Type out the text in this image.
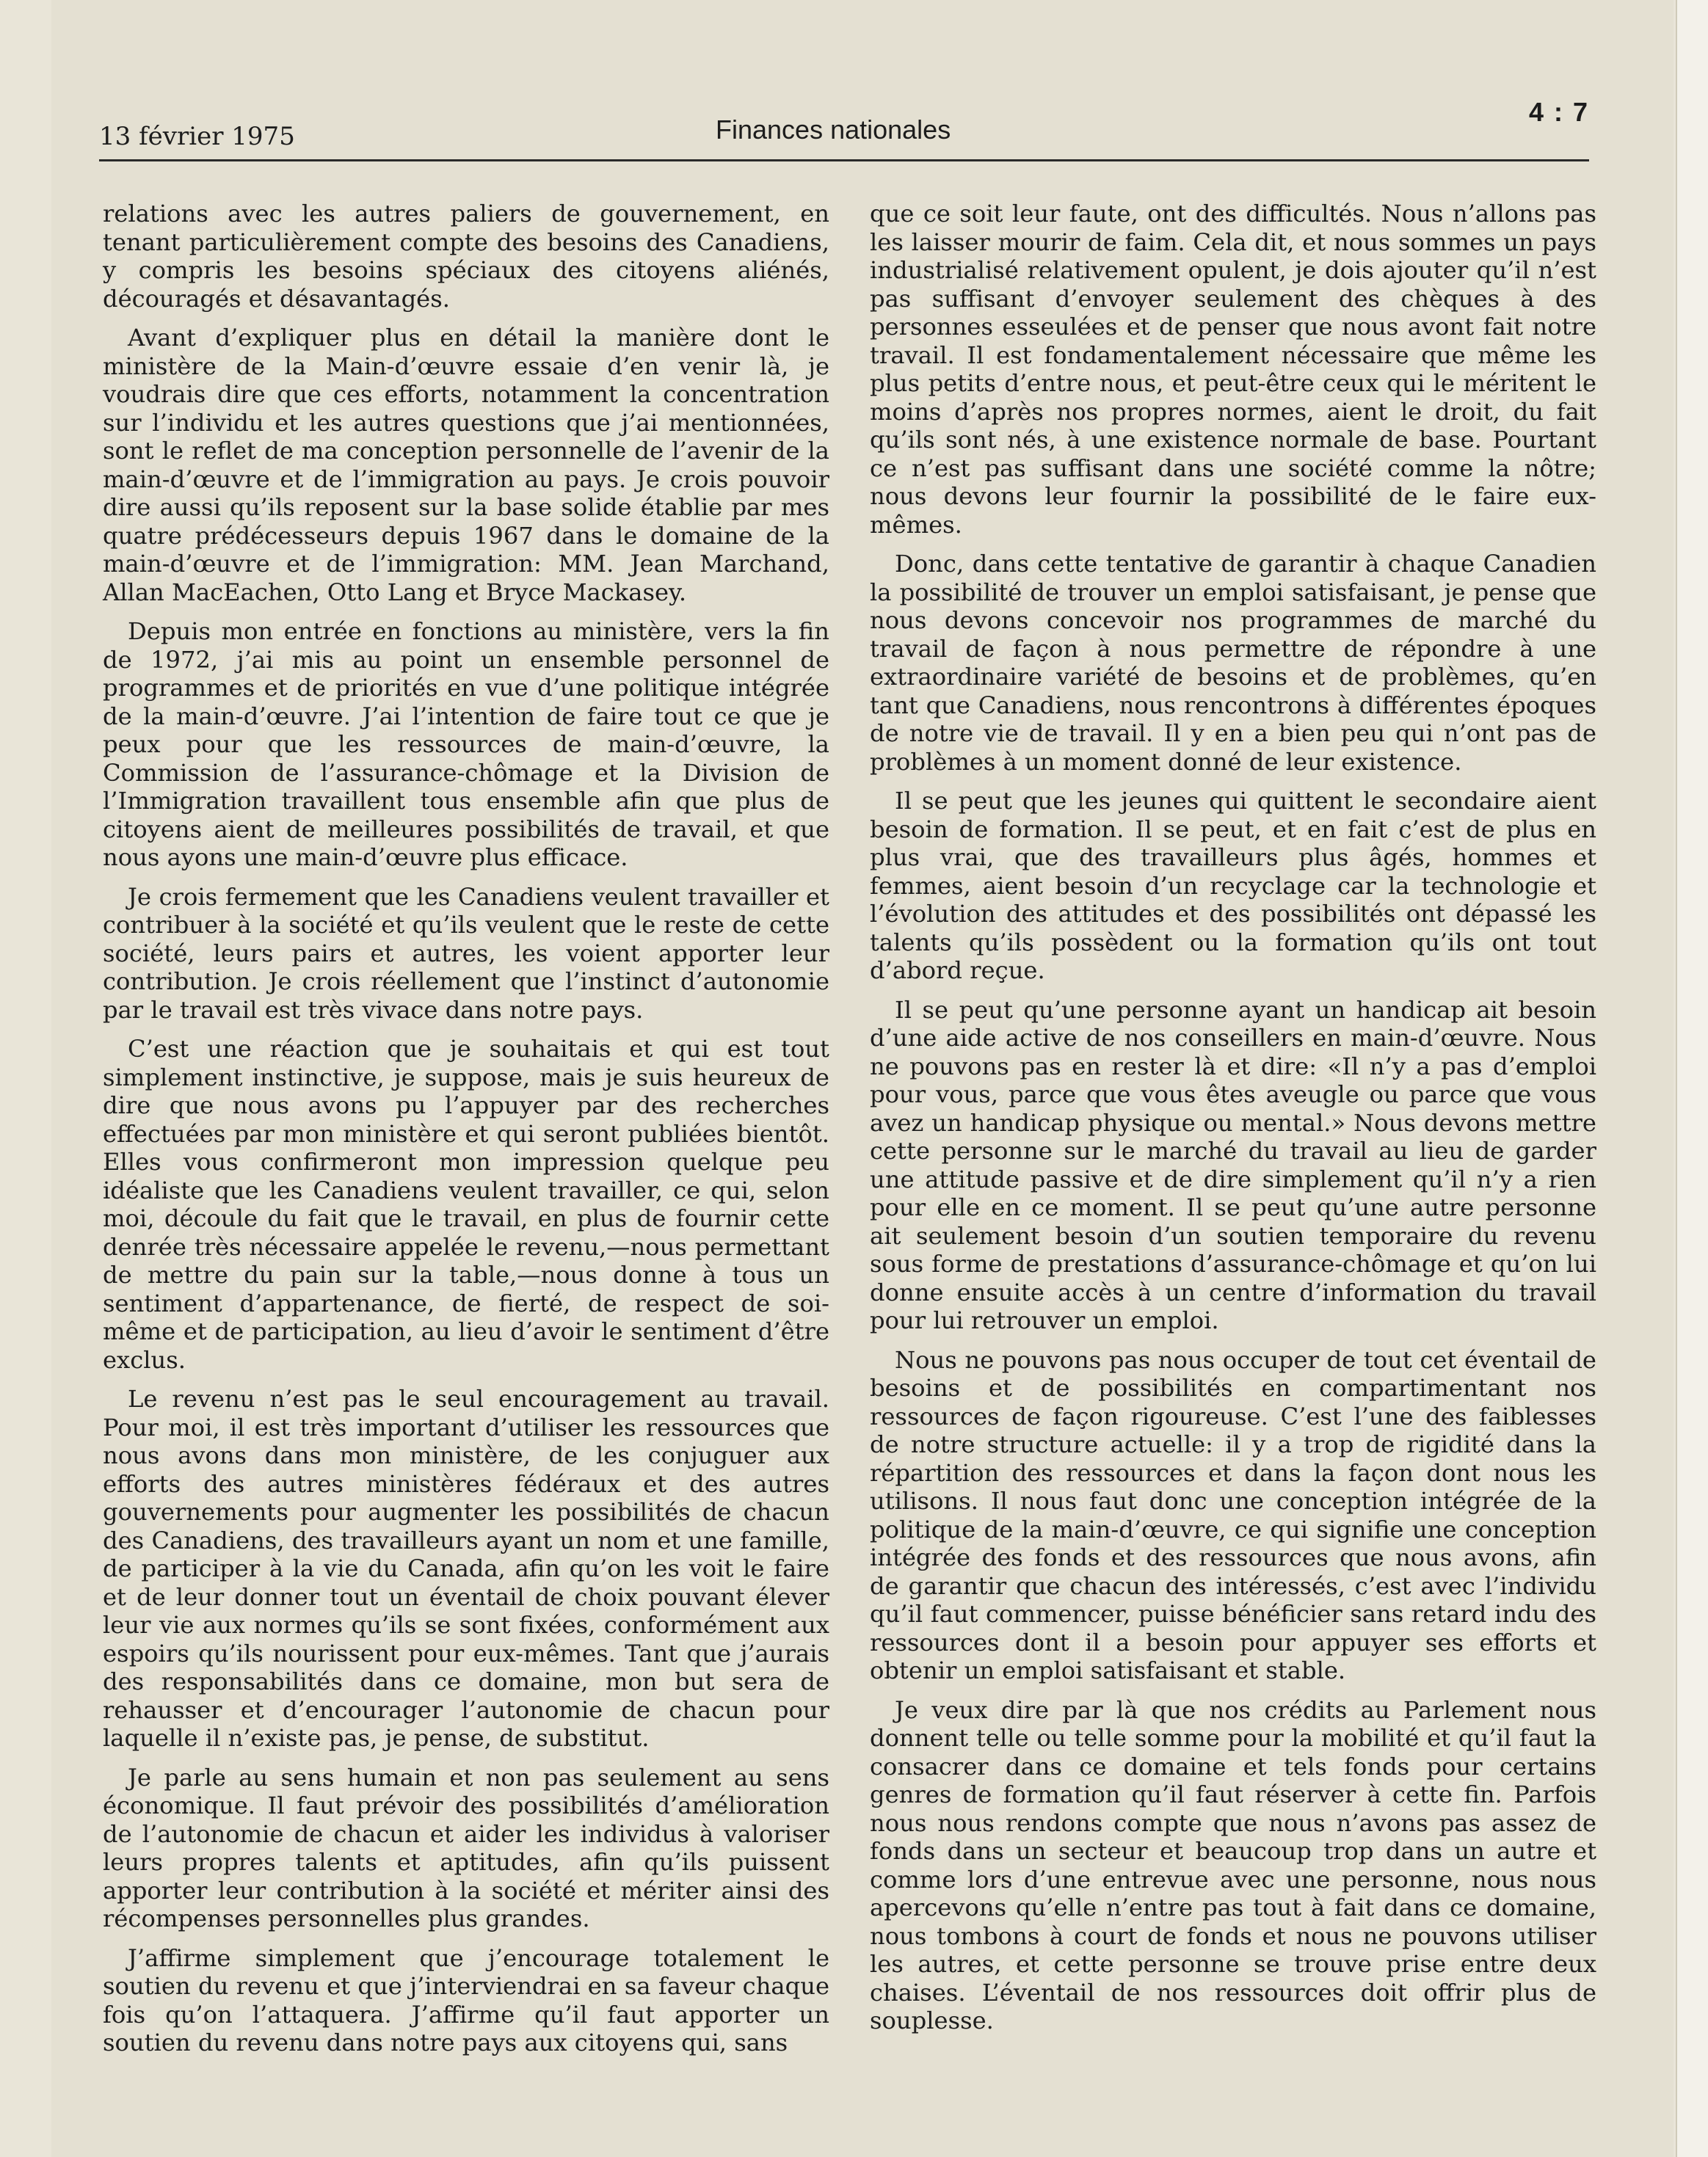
13 février 1975	Finances nationales
4 : 7

relations avec les autres paliers de gouvernement, en tenant particulièrement compte des besoins des Canadiens, y compris les besoins spéciaux des citoyens aliénés, découragés et désavantagés.

Avant d’expliquer plus en détail la manière dont le ministère de la Main-d’œuvre essaie d’en venir là, je voudrais dire que ces efforts, notamment la concentration sur l’individu et les autres questions que j’ai mentionnées, sont le reflet de ma conception personnelle de l’avenir de la main-d’œuvre et de l’immigration au pays. Je crois pouvoir dire aussi qu’ils reposent sur la base solide établie par mes quatre prédécesseurs depuis 1967 dans le domaine de la main-d’œuvre et de l’immigration: MM. Jean Marchand, Allan MacEachen, Otto Lang et Bryce Mackasey.

Depuis mon entrée en fonctions au ministère, vers la fin de 1972, j’ai mis au point un ensemble personnel de programmes et de priorités en vue d’une politique intégrée de la main-d’œuvre. J’ai l’intention de faire tout ce que je peux pour que les ressources de main-d’œuvre, la Commission de l’assurance-chômage et la Division de l’Immigration travaillent tous ensemble afin que plus de citoyens aient de meilleures possibilités de travail, et que nous ayons une main-d’œuvre plus efficace.

Je crois fermement que les Canadiens veulent travailler et contribuer à la société et qu’ils veulent que le reste de cette société, leurs pairs et autres, les voient apporter leur contribution. Je crois réellement que l’instinct d’autonomie par le travail est très vivace dans notre pays.

C’est une réaction que je souhaitais et qui est tout simplement instinctive, je suppose, mais je suis heureux de dire que nous avons pu l’appuyer par des recherches effectuées par mon ministère et qui seront publiées bientôt. Elles vous confirmeront mon impression quelque peu idéaliste que les Canadiens veulent travailler, ce qui, selon moi, découle du fait que le travail, en plus de fournir cette denrée très nécessaire appelée le revenu,—nous permettant de mettre du pain sur la table,—nous donne à tous un sentiment d’appartenance, de fierté, de respect de soi-même et de participation, au lieu d’avoir le sentiment d’être exclus.

Le revenu n’est pas le seul encouragement au travail. Pour moi, il est très important d’utiliser les ressources que nous avons dans mon ministère, de les conjuguer aux efforts des autres ministères fédéraux et des autres gouvernements pour augmenter les possibilités de chacun des Canadiens, des travailleurs ayant un nom et une famille, de participer à la vie du Canada, afin qu’on les voit le faire et de leur donner tout un éventail de choix pouvant élever leur vie aux normes qu’ils se sont fixées, conformément aux espoirs qu’ils nourissent pour eux-mêmes. Tant que j’aurais des responsabilités dans ce domaine, mon but sera de rehausser et d’encourager l’autonomie de chacun pour laquelle il n’existe pas, je pense, de substitut.

Je parle au sens humain et non pas seulement au sens économique. Il faut prévoir des possibilités d’amélioration de l’autonomie de chacun et aider les individus à valoriser leurs propres talents et aptitudes, afin qu’ils puissent apporter leur contribution à la société et mériter ainsi des récompenses personnelles plus grandes.

J’affirme simplement que j’encourage totalement le soutien du revenu et que j’interviendrai en sa faveur chaque fois qu’on l’attaquera. J’affirme qu’il faut apporter un soutien du revenu dans notre pays aux citoyens qui, sans

que ce soit leur faute, ont des difficultés. Nous n’allons pas les laisser mourir de faim. Cela dit, et nous sommes un pays industrialisé relativement opulent, je dois ajouter qu’il n’est pas suffisant d’envoyer seulement des chèques à des personnes esseulées et de penser que nous avont fait notre travail. Il est fondamentalement nécessaire que même les plus petits d’entre nous, et peut-être ceux qui le méritent le moins d’après nos propres normes, aient le droit, du fait qu’ils sont nés, à une existence normale de base. Pourtant ce n’est pas suffisant dans une société comme la nôtre; nous devons leur fournir la possibilité de le faire eux-mêmes.

Donc, dans cette tentative de garantir à chaque Canadien la possibilité de trouver un emploi satisfaisant, je pense que nous devons concevoir nos programmes de marché du travail de façon à nous permettre de répondre à une extraordinaire variété de besoins et de problèmes, qu’en tant que Canadiens, nous rencontrons à différentes époques de notre vie de travail. Il y en a bien peu qui n’ont pas de problèmes à un moment donné de leur existence.

Il se peut que les jeunes qui quittent le secondaire aient besoin de formation. Il se peut, et en fait c’est de plus en plus vrai, que des travailleurs plus âgés, hommes et femmes, aient besoin d’un recyclage car la technologie et l’évolution des attitudes et des possibilités ont dépassé les talents qu’ils possèdent ou la formation qu’ils ont tout d’abord reçue.

Il se peut qu’une personne ayant un handicap ait besoin d’une aide active de nos conseillers en main-d’œuvre. Nous ne pouvons pas en rester là et dire: «Il n’y a pas d’emploi pour vous, parce que vous êtes aveugle ou parce que vous avez un handicap physique ou mental.» Nous devons mettre cette personne sur le marché du travail au lieu de garder une attitude passive et de dire simplement qu’il n’y a rien pour elle en ce moment. Il se peut qu’une autre personne ait seulement besoin d’un soutien temporaire du revenu sous forme de prestations d’assurance-chômage et qu’on lui donne ensuite accès à un centre d’information du travail pour lui retrouver un emploi.

Nous ne pouvons pas nous occuper de tout cet éventail de besoins et de possibilités en compartimentant nos ressources de façon rigoureuse. C’est l’une des faiblesses de notre structure actuelle: il y a trop de rigidité dans la répartition des ressources et dans la façon dont nous les utilisons. Il nous faut donc une conception intégrée de la politique de la main-d’œuvre, ce qui signifie une conception intégrée des fonds et des ressources que nous avons, afin de garantir que chacun des intéressés, c’est avec l’individu qu’il faut commencer, puisse bénéficier sans retard indu des ressources dont il a besoin pour appuyer ses efforts et obtenir un emploi satisfaisant et stable.

Je veux dire par là que nos crédits au Parlement nous donnent telle ou telle somme pour la mobilité et qu’il faut la consacrer dans ce domaine et tels fonds pour certains genres de formation qu’il faut réserver à cette fin. Parfois nous nous rendons compte que nous n’avons pas assez de fonds dans un secteur et beaucoup trop dans un autre et comme lors d’une entrevue avec une personne, nous nous apercevons qu’elle n’entre pas tout à fait dans ce domaine, nous tombons à court de fonds et nous ne pouvons utiliser les autres, et cette personne se trouve prise entre deux chaises. L’éventail de nos ressources doit offrir plus de souplesse.
